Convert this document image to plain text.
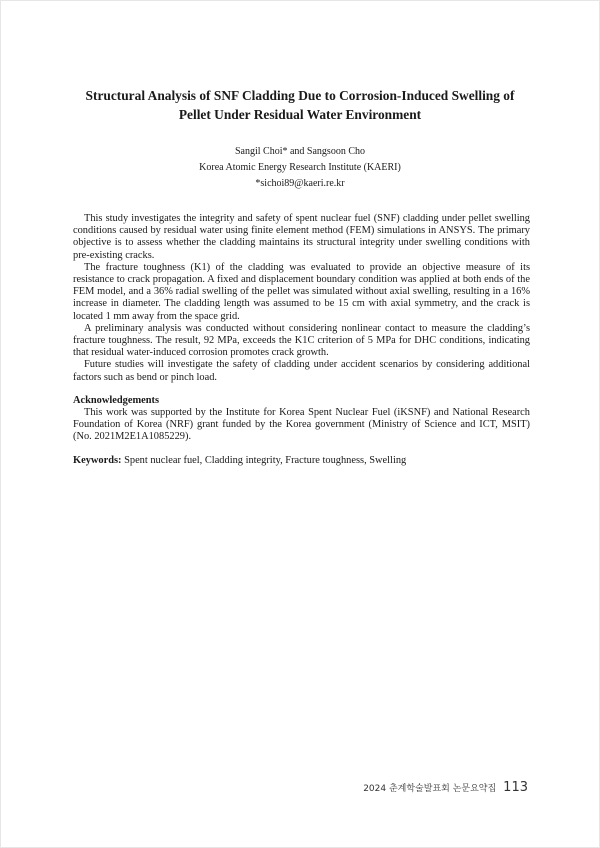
Structural Analysis of SNF Cladding Due to Corrosion-Induced Swelling of
Pellet Under Residual Water Environment

Sangil Choi* and Sangsoon Cho

Korea Atomic Energy Research Institute (KAERI)

*sichoi89@kaeri.re.kr

This study investigates the integrity and safety of spent nuclear fuel (SNF) cladding under pellet swelling conditions caused by residual water using finite element method (FEM) simulations in ANSYS. The primary objective is to assess whether the cladding maintains its structural integrity under swelling conditions with pre-existing cracks.

The fracture toughness (K1) of the cladding was evaluated to provide an objective measure of its resistance to crack propagation. A fixed and displacement boundary condition was applied at both ends of the FEM model, and a 36% radial swelling of the pellet was simulated without axial swelling, resulting in a 16% increase in diameter. The cladding length was assumed to be 15 cm with axial symmetry, and the crack is located 1 mm away from the space grid.

A preliminary analysis was conducted without considering nonlinear contact to measure the cladding’s fracture toughness. The result, 92 MPa, exceeds the K1C criterion of 5 MPa for DHC conditions, indicating that residual water-induced corrosion promotes crack growth.

Future studies will investigate the safety of cladding under accident scenarios by considering additional factors such as bend or pinch load.

Acknowledgements

This work was supported by the Institute for Korea Spent Nuclear Fuel (iKSNF) and National Research Foundation of Korea (NRF) grant funded by the Korea government (Ministry of Science and ICT, MSIT) (No. 2021M2E1A1085229).

Keywords: Spent nuclear fuel, Cladding integrity, Fracture toughness, Swelling

2024 춘계학술발표회 논문요약집 113
